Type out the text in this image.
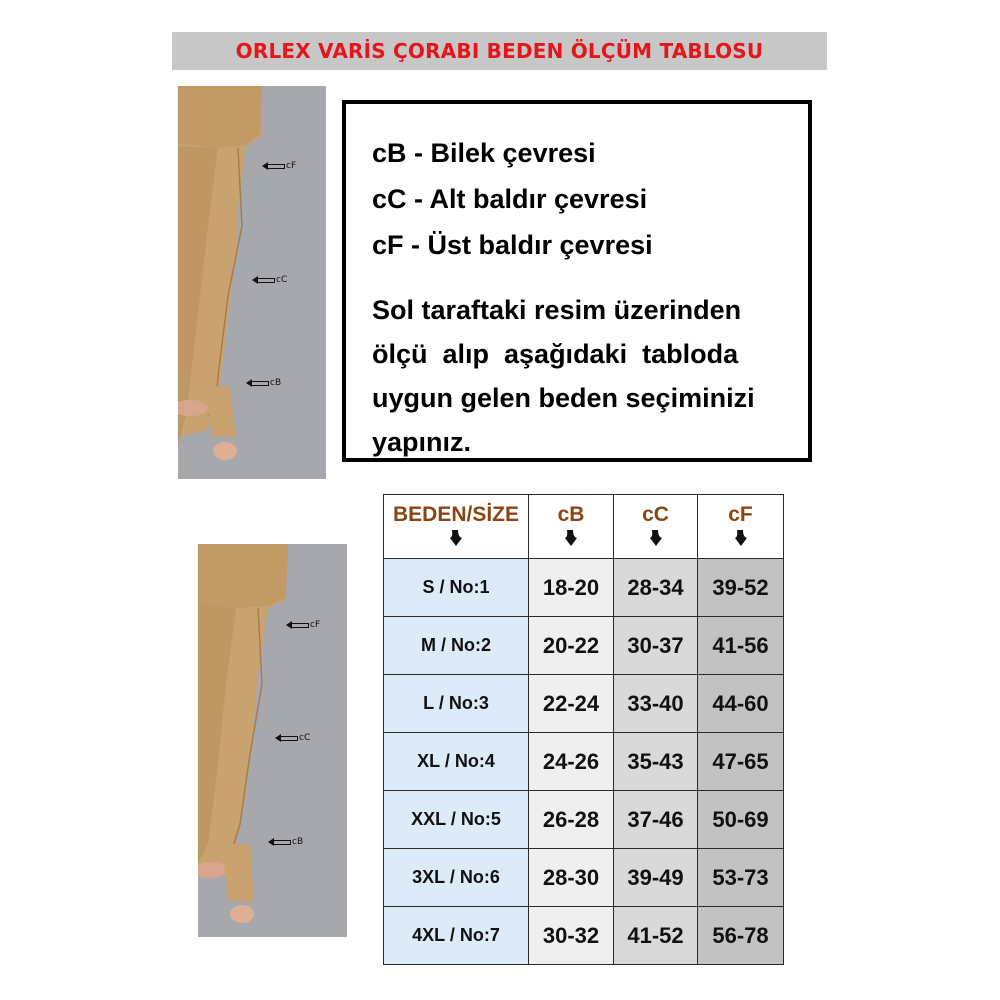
ORLEX VARİS ÇORABI BEDEN ÖLÇÜM TABLOSU
cF
cC
cB
cF
cC
cB
cB - Bilek çevresi
cC - Alt baldır çevresi
cF - Üst baldır çevresi
Sol taraftaki resim üzerinden
ölçü  alıp  aşağıdaki  tabloda
uygun gelen beden seçiminizi
yapınız.
BEDEN/SİZE	cB	cC	cF

S / No:1	18-20	28-34	39-52
M / No:2	20-22	30-37	41-56
L / No:3	22-24	33-40	44-60
XL / No:4	24-26	35-43	47-65
XXL / No:5	26-28	37-46	50-69
3XL / No:6	28-30	39-49	53-73
4XL / No:7	30-32	41-52	56-78
